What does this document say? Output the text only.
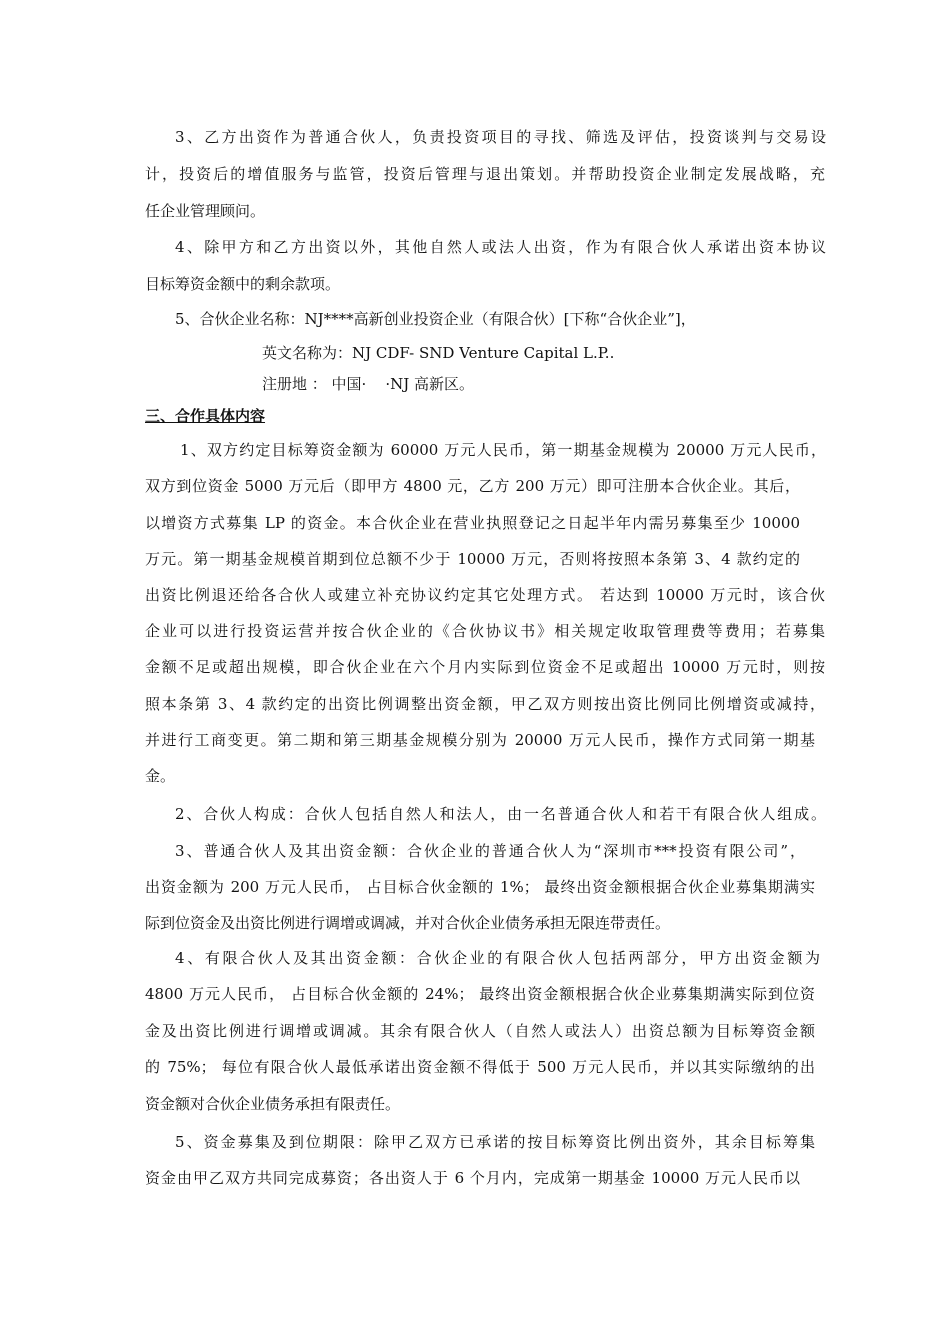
3、乙方出资作为普通合伙人，负责投资项目的寻找、筛选及评估，投资谈判与交易设
计，投资后的增值服务与监管，投资后管理与退出策划。并帮助投资企业制定发展战略，充
任企业管理顾问。
4、除甲方和乙方出资以外，其他自然人或法人出资，作为有限合伙人承诺出资本协议
目标筹资金额中的剩余款项。
5、合伙企业名称：NJ****高新创业投资企业（有限合伙）[下称“合伙企业”]，
英文名称为：NJ CDF- SND Venture Capital L.P..
注册地 ： 中国·    ·NJ 高新区。
三、合作具体内容
1、双方约定目标筹资金额为 60000 万元人民币，第一期基金规模为 20000 万元人民币，
双方到位资金 5000 万元后（即甲方 4800 元，乙方 200 万元）即可注册本合伙企业。其后，
以增资方式募集 LP 的资金。本合伙企业在营业执照登记之日起半年内需另募集至少 10000
万元。第一期基金规模首期到位总额不少于 10000 万元，否则将按照本条第 3、4 款约定的
出资比例退还给各合伙人或建立补充协议约定其它处理方式。 若达到 10000 万元时，该合伙
企业可以进行投资运营并按合伙企业的《合伙协议书》相关规定收取管理费等费用；若募集
金额不足或超出规模，即合伙企业在六个月内实际到位资金不足或超出 10000 万元时，则按
照本条第 3、4 款约定的出资比例调整出资金额，甲乙双方则按出资比例同比例增资或减持，
并进行工商变更。第二期和第三期基金规模分别为 20000 万元人民币，操作方式同第一期基
金。
2、合伙人构成：合伙人包括自然人和法人，由一名普通合伙人和若干有限合伙人组成。
3、普通合伙人及其出资金额：合伙企业的普通合伙人为“深圳市***投资有限公司”，
出资金额为 200 万元人民币， 占目标合伙金额的 1%； 最终出资金额根据合伙企业募集期满实
际到位资金及出资比例进行调增或调减，并对合伙企业债务承担无限连带责任。
4、有限合伙人及其出资金额：合伙企业的有限合伙人包括两部分，甲方出资金额为
4800 万元人民币， 占目标合伙金额的 24%； 最终出资金额根据合伙企业募集期满实际到位资
金及出资比例进行调增或调减。其余有限合伙人（自然人或法人）出资总额为目标筹资金额
的 75%； 每位有限合伙人最低承诺出资金额不得低于 500 万元人民币，并以其实际缴纳的出
资金额对合伙企业债务承担有限责任。
5、资金募集及到位期限：除甲乙双方已承诺的按目标筹资比例出资外，其余目标筹集
资金由甲乙双方共同完成募资；各出资人于 6 个月内，完成第一期基金 10000 万元人民币以
